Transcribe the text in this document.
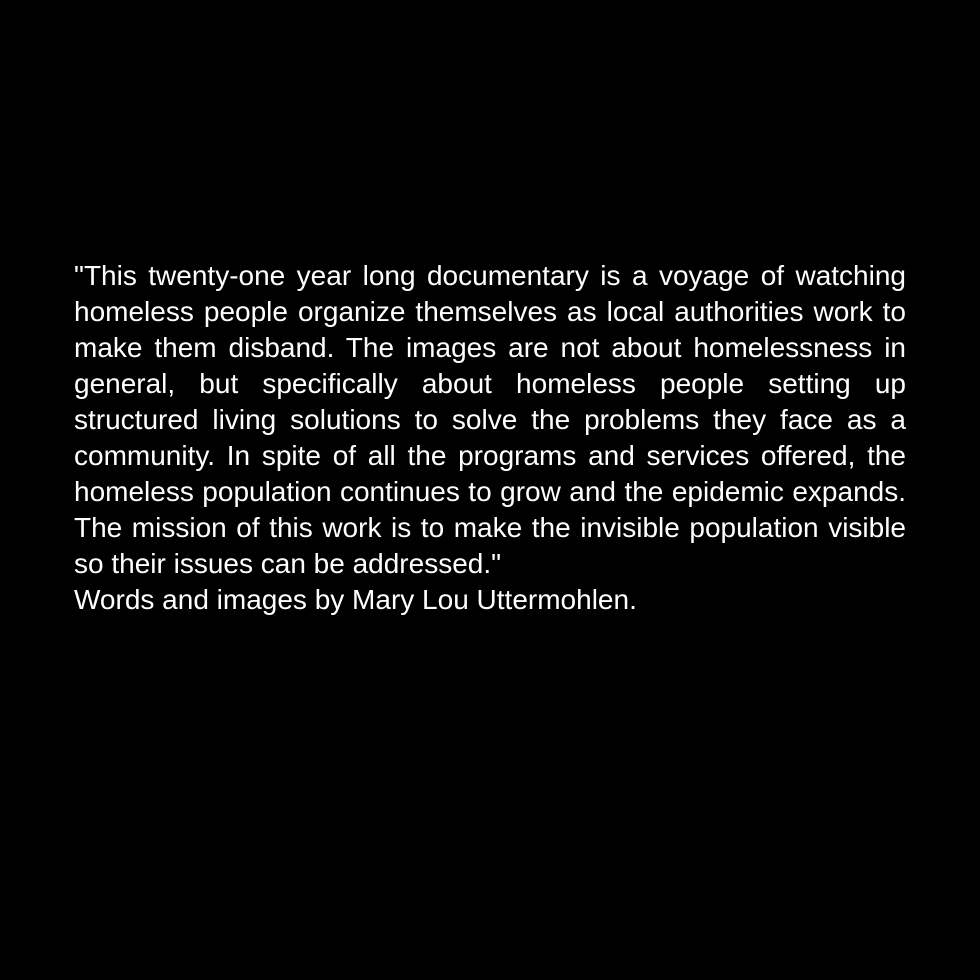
"This twenty-one year long documentary is a voyage of watching homeless people organize themselves as local authorities work to make them disband. The images are not about homelessness in general, but specifically about homeless people setting up structured living solutions to solve the problems they face as a community. In spite of all the programs and services offered, the homeless population continues to grow and the epidemic expands. The mission of this work is to make the invisible population visible so their issues can be addressed."

Words and images by Mary Lou Uttermohlen.
